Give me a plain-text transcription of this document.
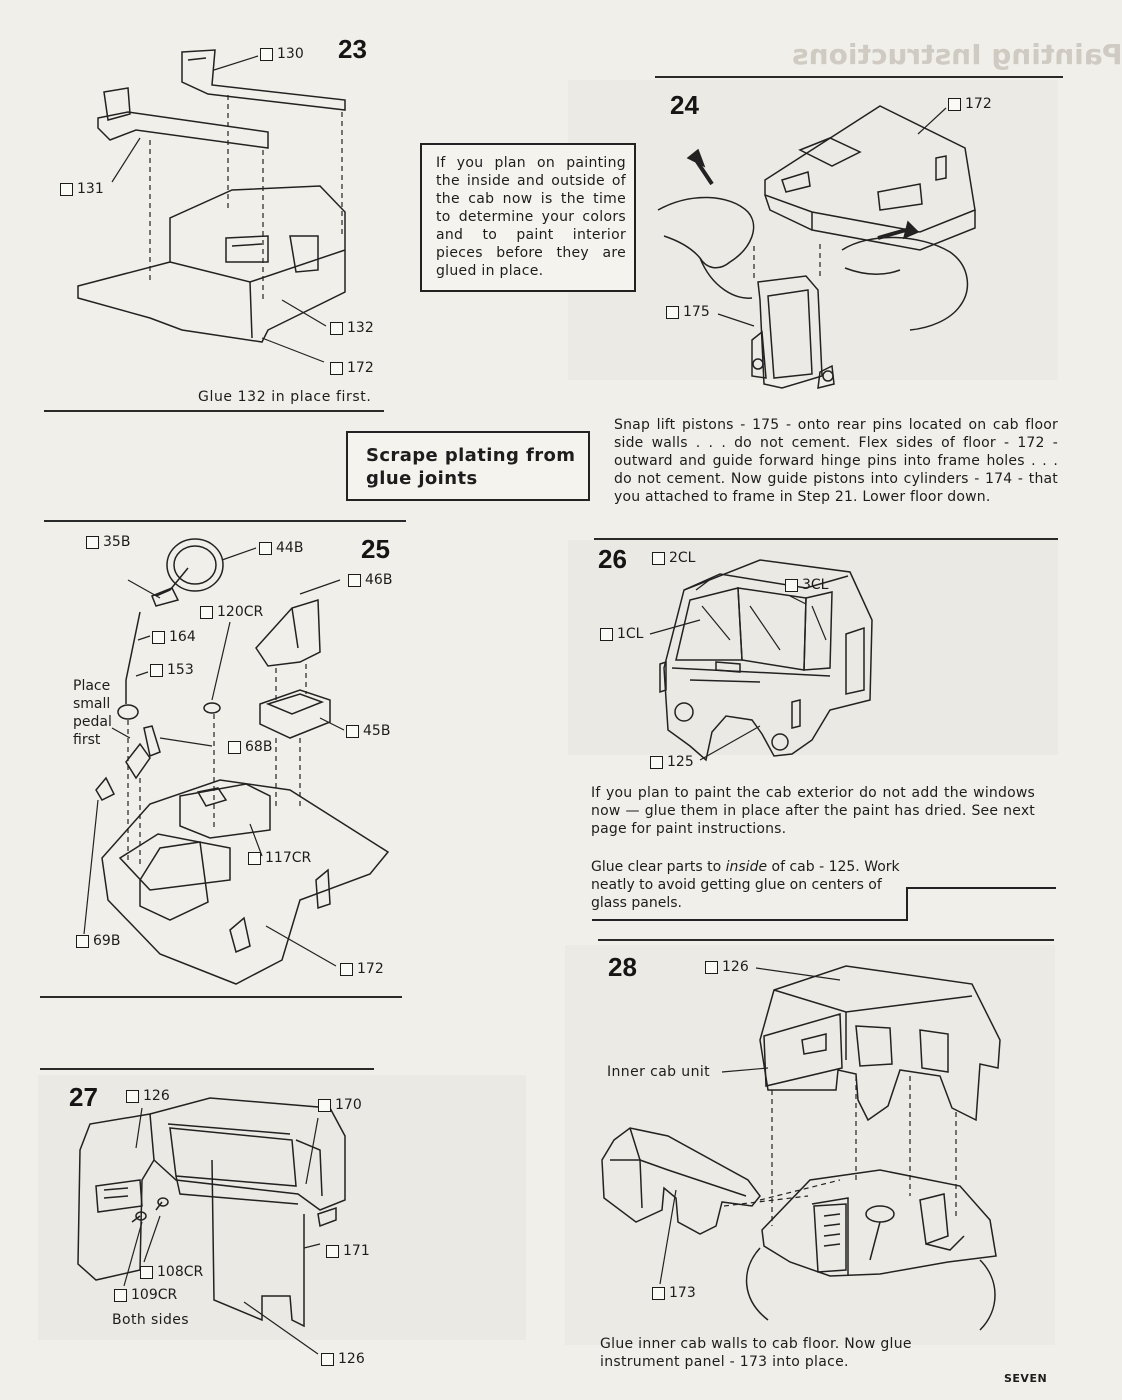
Painting Instructions
23
130
131
132
172
Glue 132 in place first.
If you plan on painting the inside and outside of the cab now is the time to determine your colors and to paint interior pieces before they are glued in place.
Scrape plating from
glue joints
24	172
175
Snap lift pistons - 175 - onto rear pins located on cab floor side walls . . . do not cement. Flex sides of floor - 172 - outward and guide forward hinge pins into frame holes . . . do not cement. Now guide pistons into cylinders - 174 - that you attached to frame in Step 21. Lower floor down.
25
35B	44B
46B
120CR
164
153
Place
small
pedal
first	68B
45B
117CR
69B
172
26	2CL
3CL
1CL
125
If you plan to paint the cab exterior do not add the windows now — glue them in place after the paint has dried. See next page for paint instructions.
Glue clear parts to inside of cab - 125. Work neatly to avoid getting glue on centers of glass panels.
27	126
170
171
108CR
109CR
Both sides
126
28	126
Inner cab unit
173
Glue inner cab walls to cab floor. Now glue instrument panel - 173 into place.
SEVEN
